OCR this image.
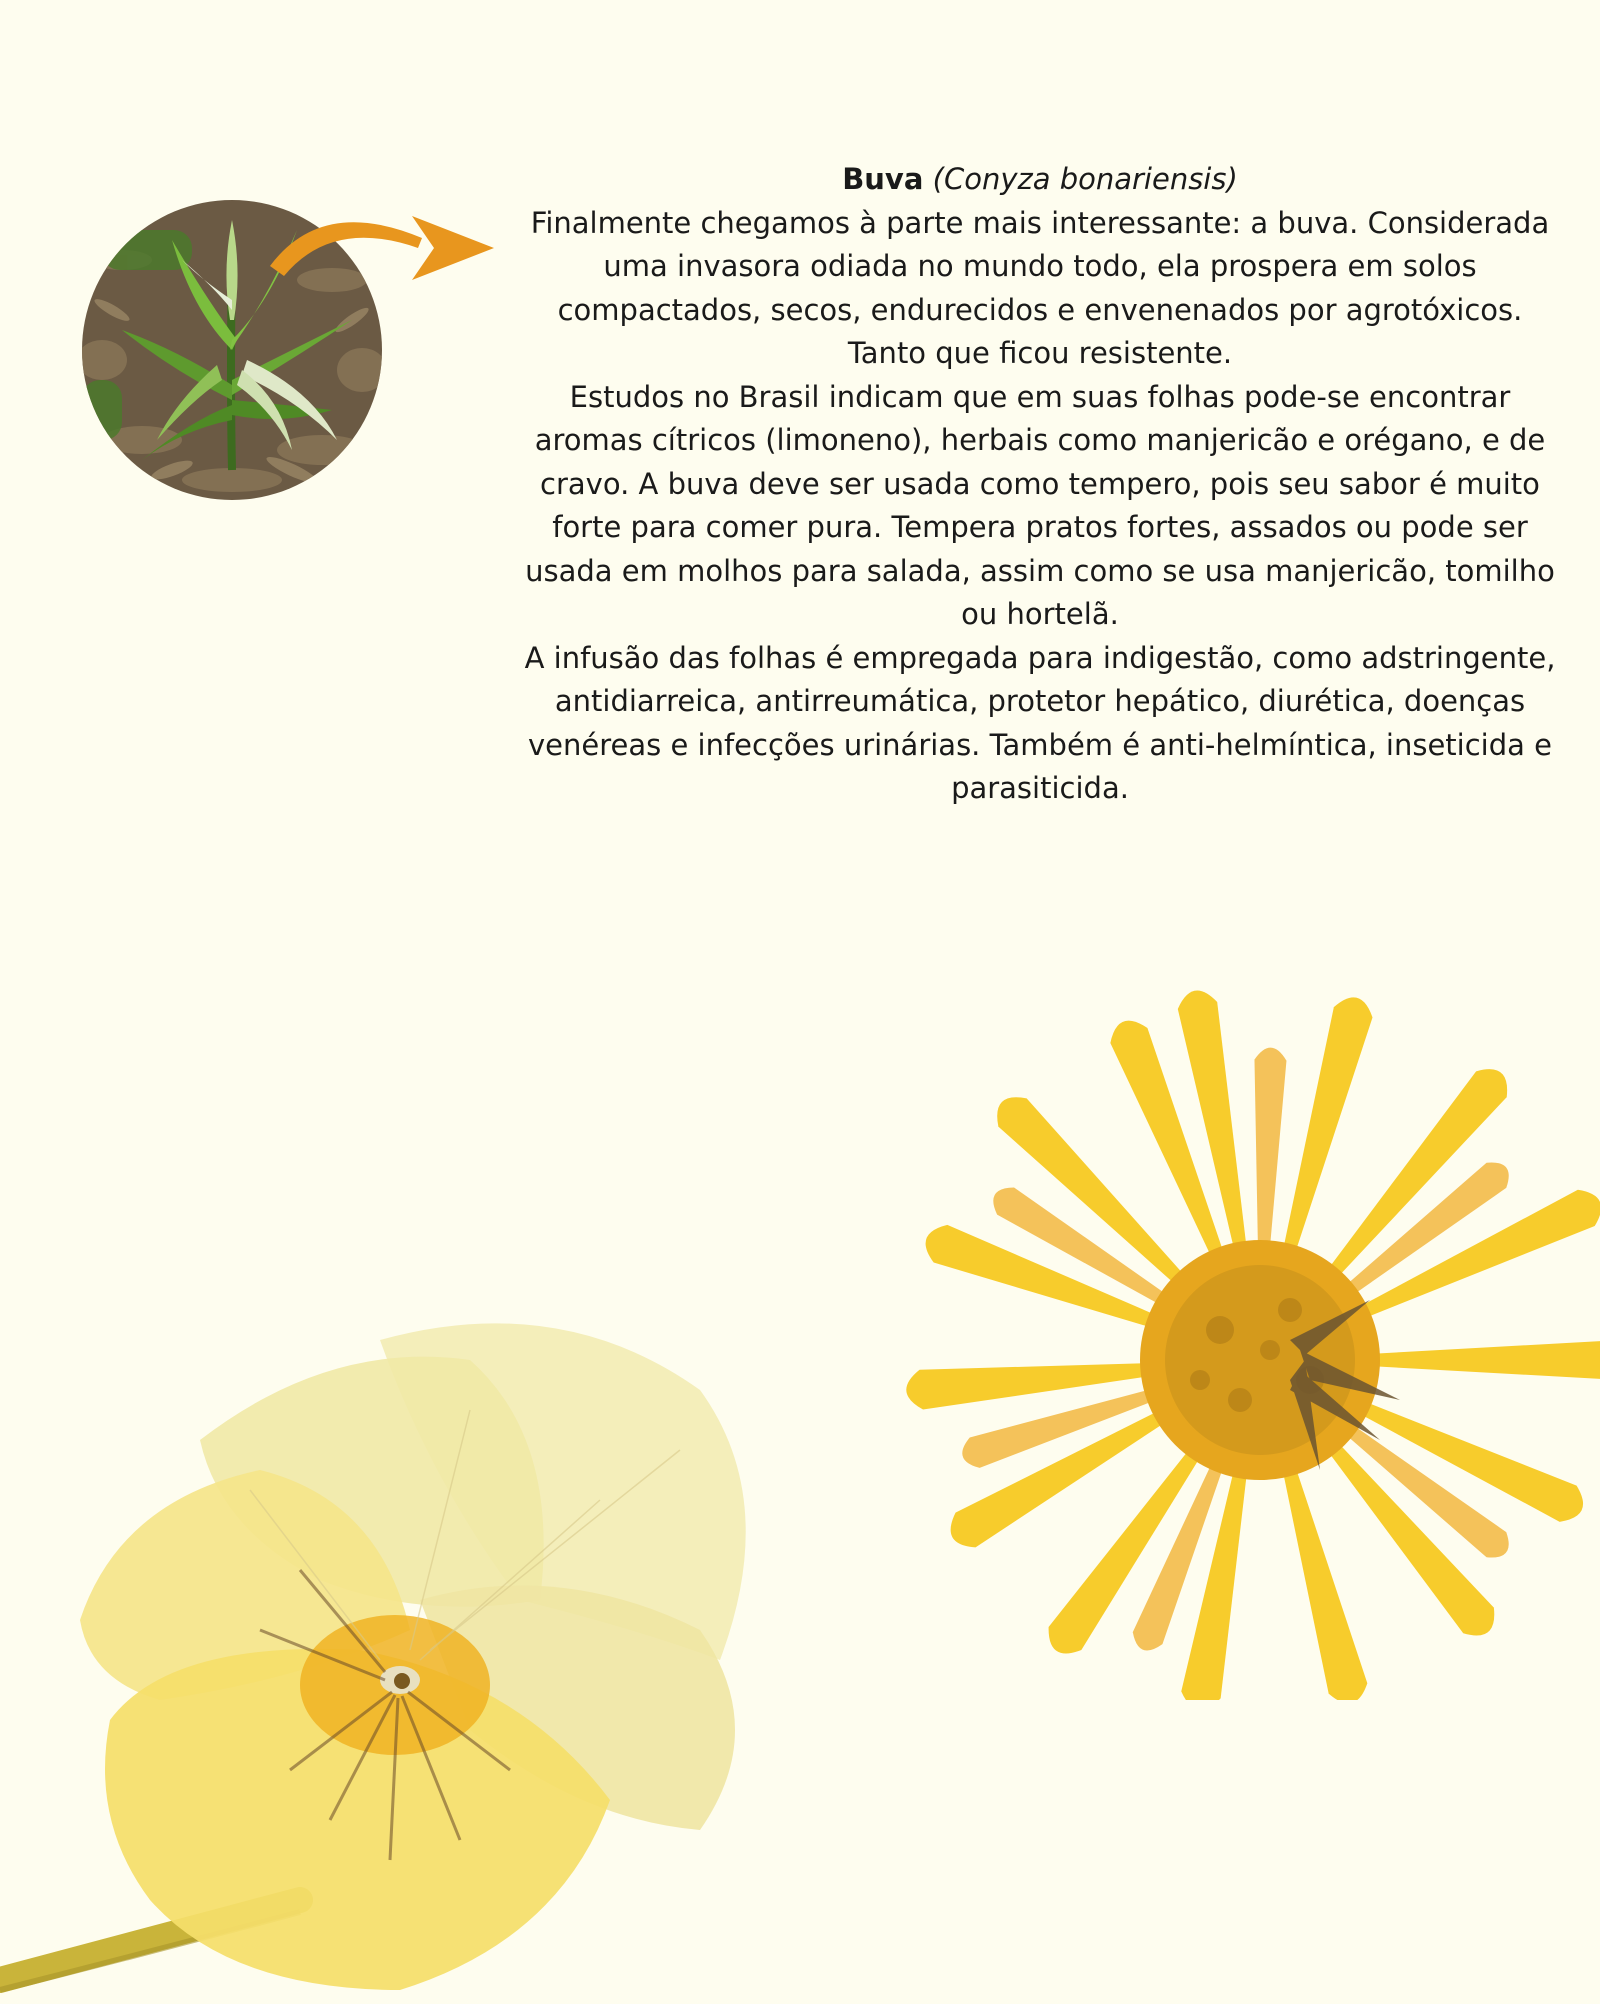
Buva (Conyza bonariensis)

Finalmente chegamos à parte mais interessante: a buva. Considerada uma invasora odiada no mundo todo, ela prospera em solos compactados, secos, endurecidos e envenenados por agrotóxicos. Tanto que ficou resistente.

Estudos no Brasil indicam que em suas folhas pode-se encontrar aromas cítricos (limoneno), herbais como manjericão e orégano, e de cravo. A buva deve ser usada como tempero, pois seu sabor é muito forte para comer pura. Tempera pratos fortes, assados ou pode ser usada em molhos para salada, assim como se usa manjericão, tomilho ou hortelã.

A infusão das folhas é empregada para indigestão, como adstringente, antidiarreica, antirreumática, protetor hepático, diurética, doenças venéreas e infecções urinárias. Também é anti-helmíntica, inseticida e parasiticida.
